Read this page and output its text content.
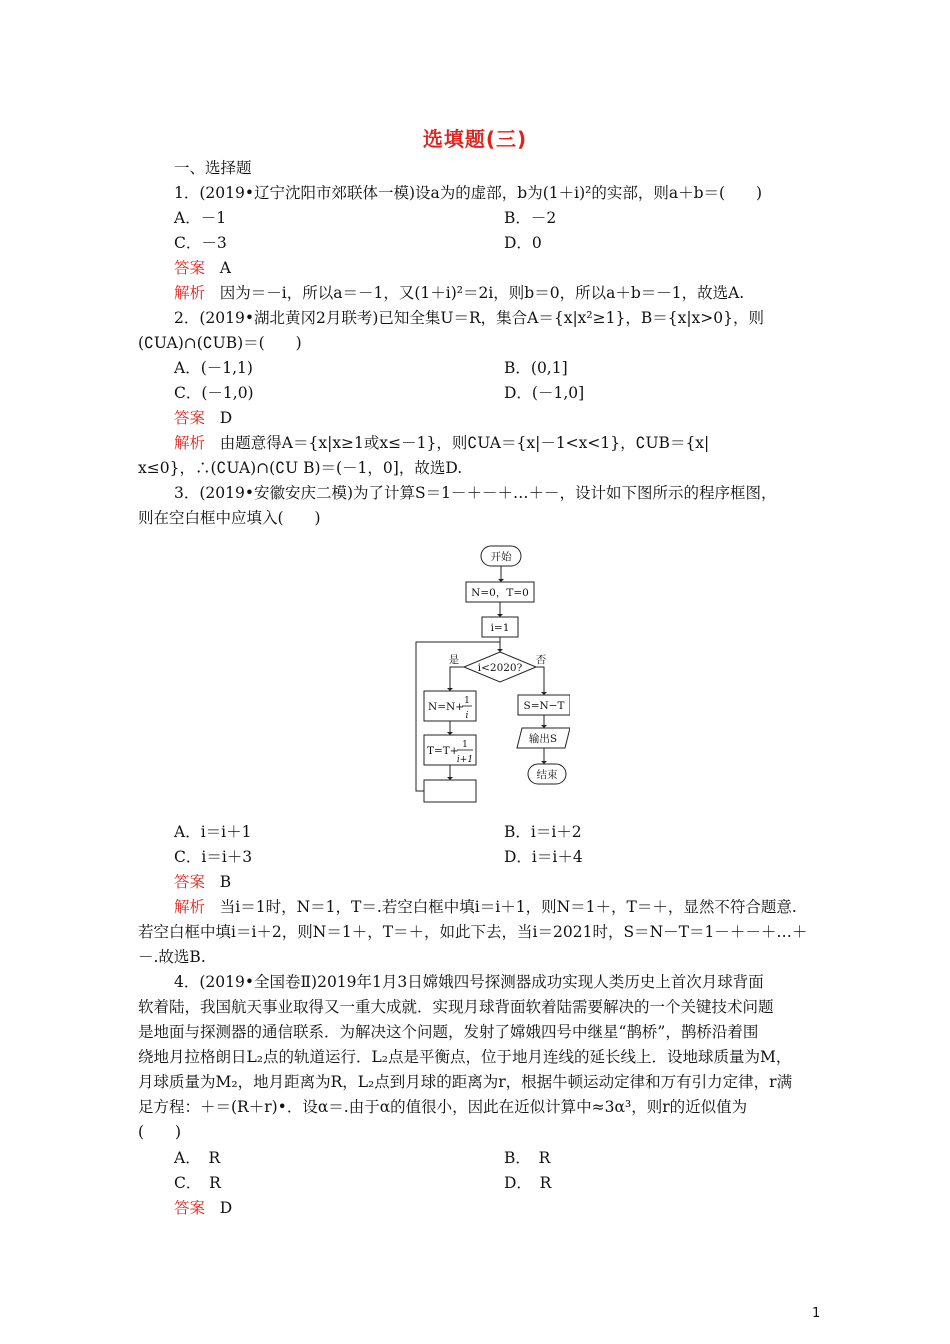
选填题(三)
一、选择题
1．(2019•辽宁沈阳市郊联体一模)设a为的虚部，b为(1＋i)²的实部，则a＋b＝(　　)
A．－1	B．－2
C．－3	D．0
答案 A
解析 因为＝－i，所以a＝－1，又(1＋i)²＝2i，则b＝0，所以a＋b＝－1，故选A.
2．(2019•湖北黄冈2月联考)已知全集U＝R，集合A＝{x|x²≥1}，B＝{x|x>0}，则
(∁UA)∩(∁UB)＝(　　)
A．(－1,1)	B．(0,1]
C．(－1,0)	D．(－1,0]
答案 D
解析 由题意得A＝{x|x≥1或x≤－1}，则∁UA＝{x|－1<x<1}，∁UB＝{x|
x≤0}，∴(∁UA)∩(∁U B)＝(－1，0]，故选D.
3．(2019•安徽安庆二模)为了计算S＝1－＋－＋…＋－，设计如下图所示的程序框图，
则在空白框中应填入(　　)
开始
N=0，T=0
i=1
i<2020?
是	否
N=N+ 1
i
T=T+ 1
i+1
S=N−T
输出S
结束
A．i＝i＋1	B．i＝i＋2
C．i＝i＋3	D．i＝i＋4
答案 B
解析 当i＝1时，N＝1，T＝.若空白框中填i＝i＋1，则N＝1＋，T＝＋，显然不符合题意.
若空白框中填i＝i＋2，则N＝1＋，T＝＋，如此下去，当i＝2021时，S＝N－T＝1－＋－＋…＋
－.故选B.
4．(2019•全国卷Ⅱ)2019年1月3日嫦娥四号探测器成功实现人类历史上首次月球背面
软着陆，我国航天事业取得又一重大成就．实现月球背面软着陆需要解决的一个关键技术问题
是地面与探测器的通信联系．为解决这个问题，发射了嫦娥四号中继星“鹊桥”，鹊桥沿着围
绕地月拉格朗日L₂点的轨道运行．L₂点是平衡点，位于地月连线的延长线上．设地球质量为M，
月球质量为M₂，地月距离为R，L₂点到月球的距离为r，根据牛顿运动定律和万有引力定律，r满
足方程：＋＝(R＋r)•．设α＝.由于α的值很小，因此在近似计算中≈3α³，则r的近似值为
(　　)
A．　R	B．　R
C．　R	D．　R
答案 D
1
